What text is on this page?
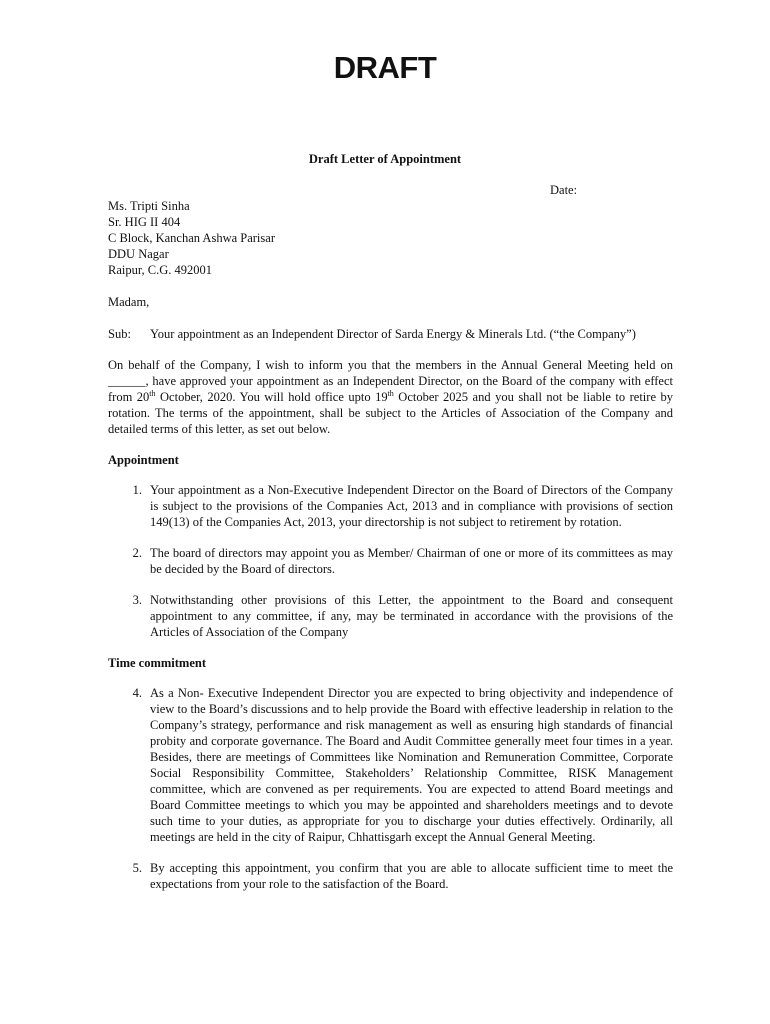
DRAFT
Draft Letter of Appointment
Date:
Ms. Tripti Sinha
Sr. HIG II 404
C Block, Kanchan Ashwa Parisar
DDU Nagar
Raipur, C.G. 492001
Madam,
Sub:	Your appointment as an Independent Director of Sarda Energy & Minerals Ltd. (“the Company”)

On behalf of the Company, I wish to inform you that the members in the Annual General Meeting held on ______, have approved your appointment as an Independent Director, on the Board of the company with effect from 20th October, 2020. You will hold office upto 19th October 2025 and you shall not be liable to retire by rotation. The terms of the appointment, shall be subject to the Articles of Association of the Company and detailed terms of this letter, as set out below.

Appointment
1. Your appointment as a Non-Executive Independent Director on the Board of Directors of the Company is subject to the provisions of the Companies Act, 2013 and in compliance with provisions of section 149(13) of the Companies Act, 2013, your directorship is not subject to retirement by rotation.
2. The board of directors may appoint you as Member/ Chairman of one or more of its committees as may be decided by the Board of directors.
3. Notwithstanding other provisions of this Letter, the appointment to the Board and consequent appointment to any committee, if any, may be terminated in accordance with the provisions of the Articles of Association of the Company
Time commitment
4. As a Non- Executive Independent Director you are expected to bring objectivity and independence of view to the Board’s discussions and to help provide the Board with effective leadership in relation to the Company’s strategy, performance and risk management as well as ensuring high standards of financial probity and corporate governance. The Board and Audit Committee generally meet four times in a year. Besides, there are meetings of Committees like Nomination and Remuneration Committee, Corporate Social Responsibility Committee, Stakeholders’ Relationship Committee, RISK Management committee, which are convened as per requirements. You are expected to attend Board meetings and Board Committee meetings to which you may be appointed and shareholders meetings and to devote such time to your duties, as appropriate for you to discharge your duties effectively. Ordinarily, all meetings are held in the city of Raipur, Chhattisgarh except the Annual General Meeting.
5. By accepting this appointment, you confirm that you are able to allocate sufficient time to meet the expectations from your role to the satisfaction of the Board.
